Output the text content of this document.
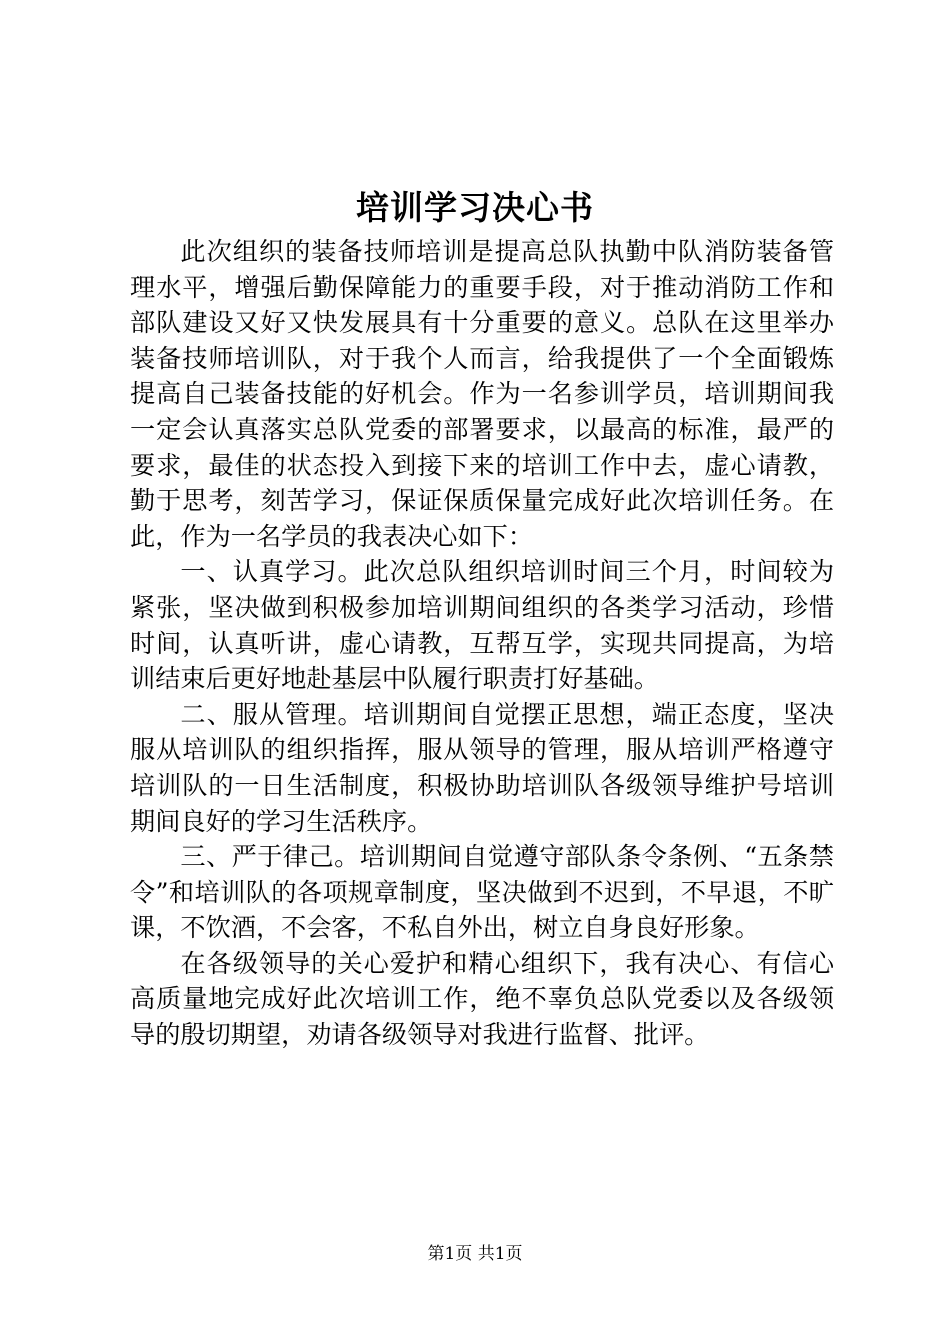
培训学习决心书

此次组织的装备技师培训是提高总队执勤中队消防装备管理水平，增强后勤保障能力的重要手段，对于推动消防工作和部队建设又好又快发展具有十分重要的意义。总队在这里举办装备技师培训队，对于我个人而言，给我提供了一个全面锻炼提高自己装备技能的好机会。作为一名参训学员，培训期间我一定会认真落实总队党委的部署要求，以最高的标准，最严的要求，最佳的状态投入到接下来的培训工作中去，虚心请教，勤于思考，刻苦学习，保证保质保量完成好此次培训任务。在此，作为一名学员的我表决心如下：

一、认真学习。此次总队组织培训时间三个月，时间较为紧张，坚决做到积极参加培训期间组织的各类学习活动，珍惜时间，认真听讲，虚心请教，互帮互学，实现共同提高，为培训结束后更好地赴基层中队履行职责打好基础。

二、服从管理。培训期间自觉摆正思想，端正态度，坚决服从培训队的组织指挥，服从领导的管理，服从培训严格遵守培训队的一日生活制度，积极协助培训队各级领导维护号培训期间良好的学习生活秩序。

三、严于律己。培训期间自觉遵守部队条令条例、“五条禁令”和培训队的各项规章制度，坚决做到不迟到，不早退，不旷课，不饮酒，不会客，不私自外出，树立自身良好形象。

在各级领导的关心爱护和精心组织下，我有决心、有信心高质量地完成好此次培训工作，绝不辜负总队党委以及各级领导的殷切期望，劝请各级领导对我进行监督、批评。

第1页 共1页
